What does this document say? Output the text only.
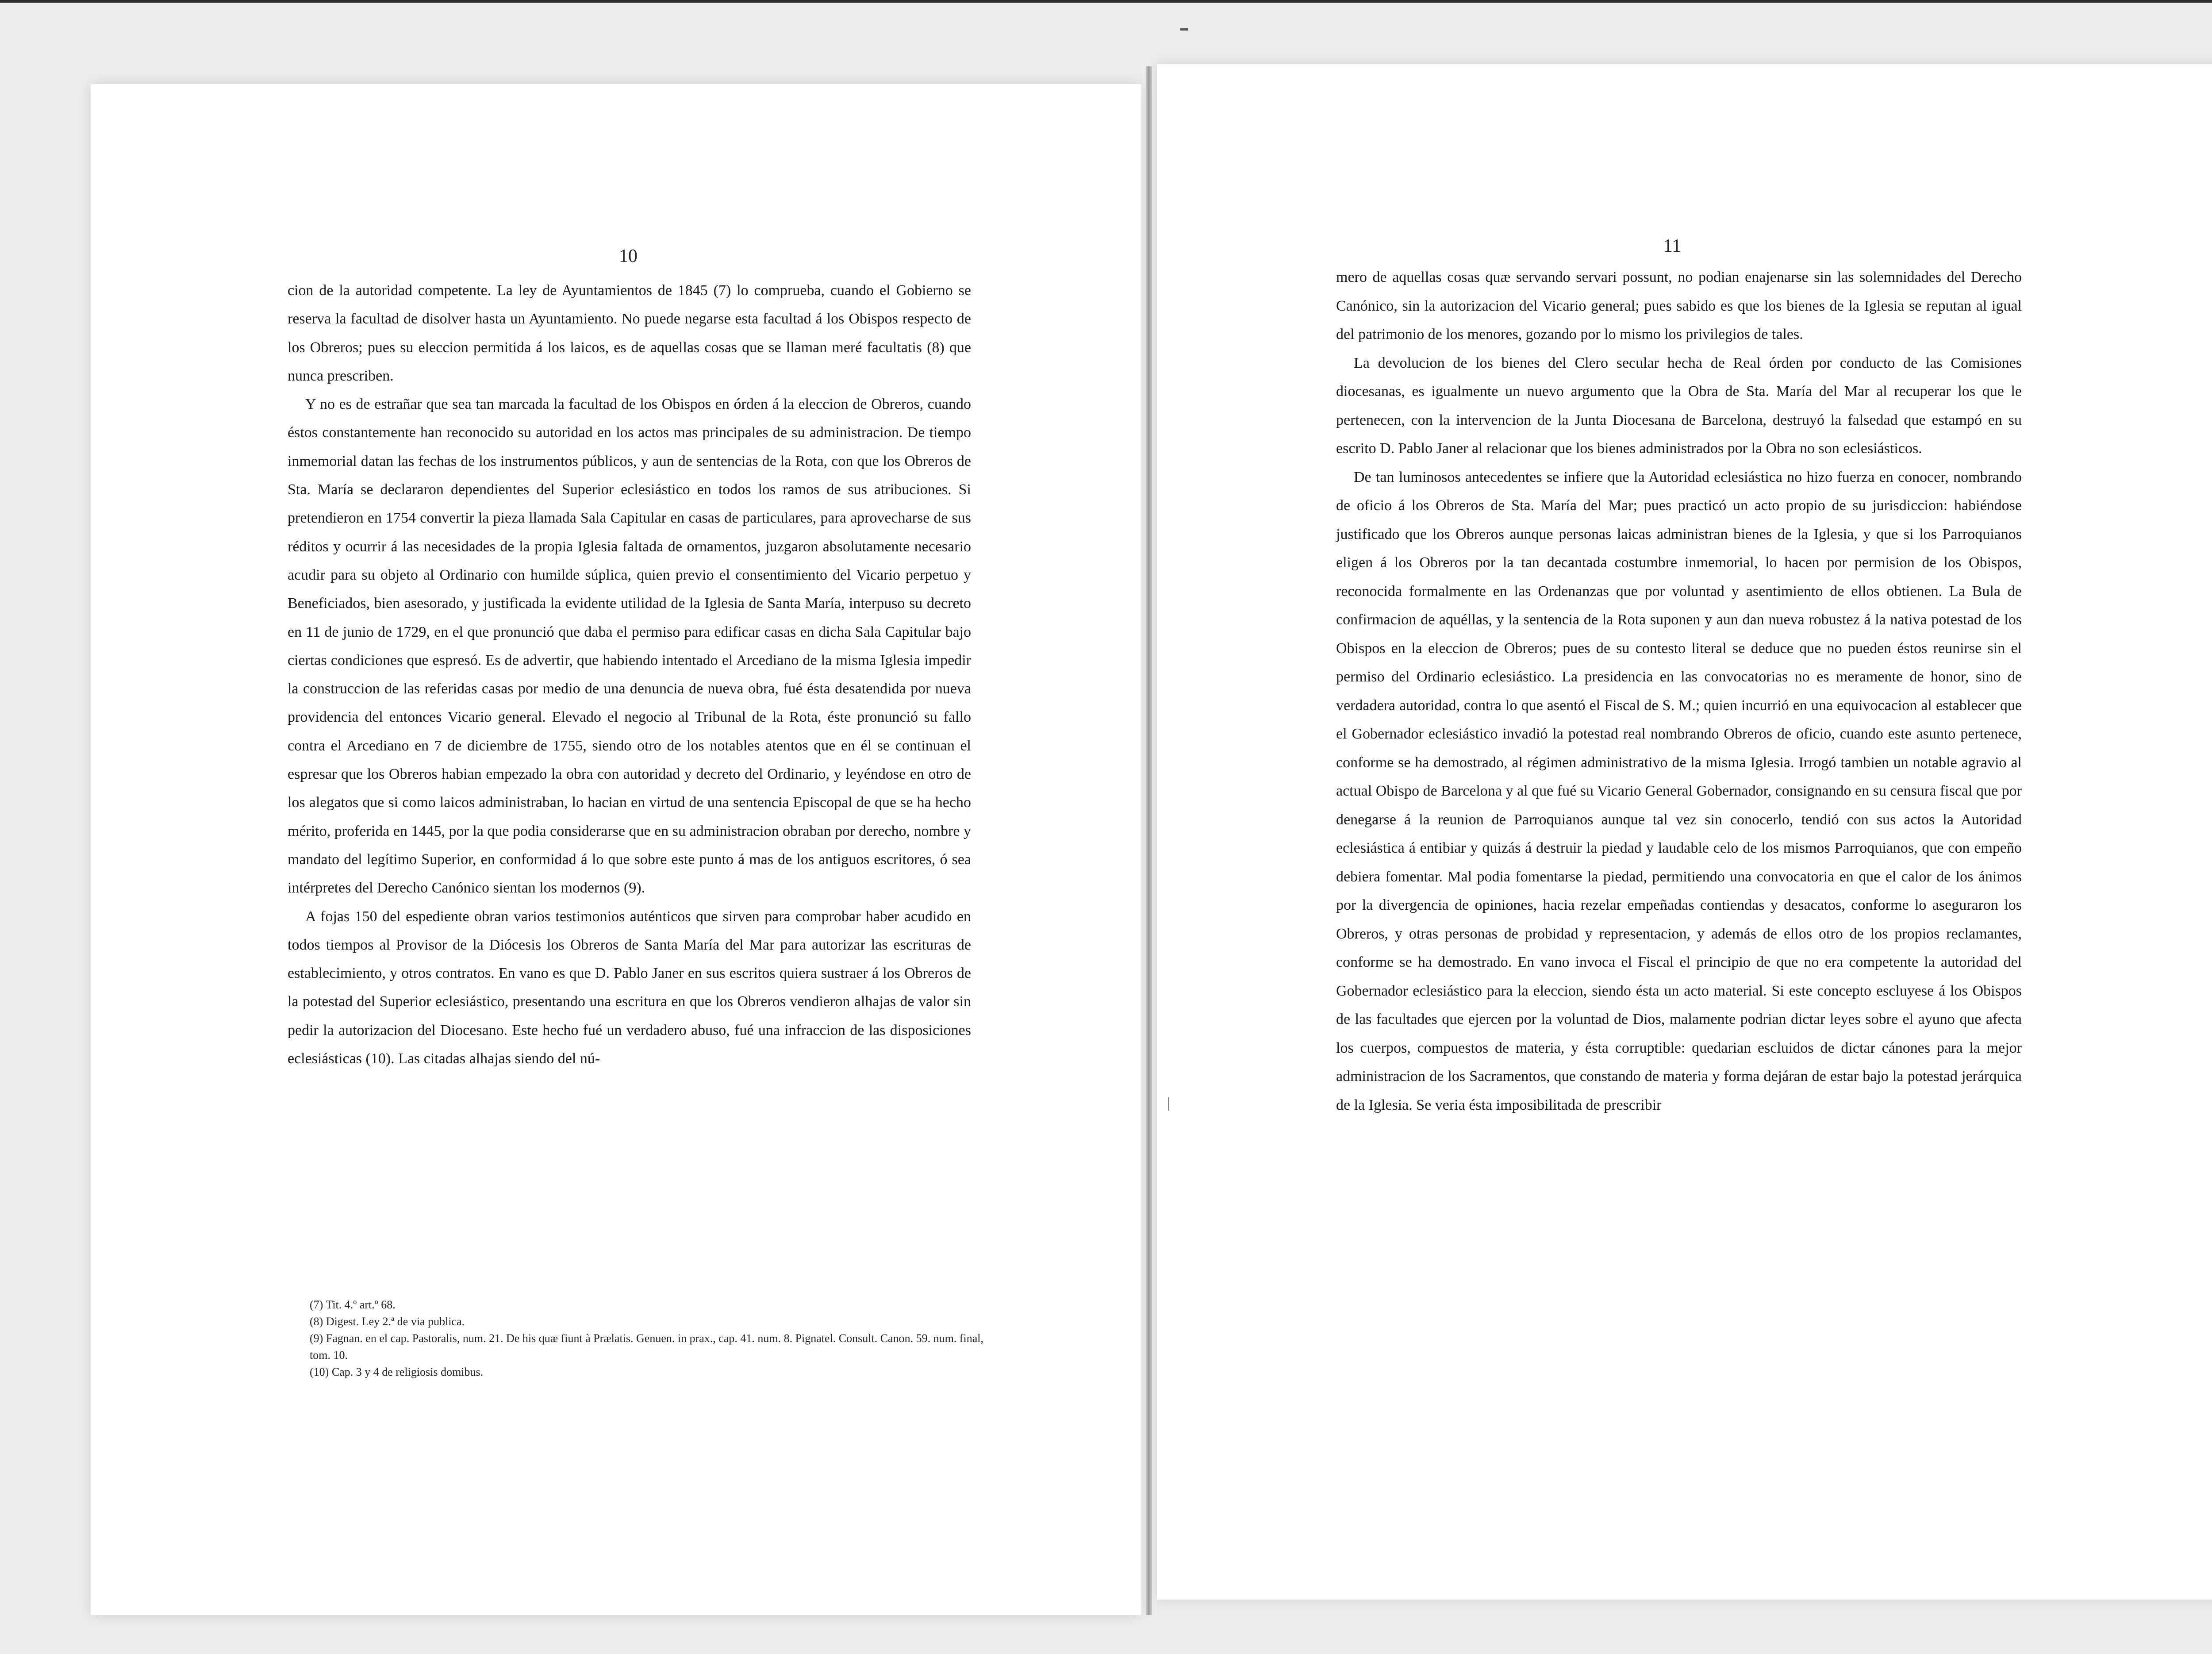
10	11

cion de la autoridad competente. La ley de Ayuntamientos de 1845 (7) lo comprueba, cuando el Gobierno se reserva la facultad de disolver hasta un Ayuntamiento. No puede negarse esta facultad á los Obispos respecto de los Obreros; pues su eleccion permitida á los laicos, es de aquellas cosas que se llaman meré facultatis (8) que nunca prescriben.

Y no es de estrañar que sea tan marcada la facultad de los Obispos en órden á la eleccion de Obreros, cuando éstos constantemente han reconocido su autoridad en los actos mas principales de su administracion. De tiempo inmemorial datan las fechas de los instrumentos públicos, y aun de sentencias de la Rota, con que los Obreros de Sta. María se declararon dependientes del Superior eclesiástico en todos los ramos de sus atribuciones. Si pretendieron en 1754 convertir la pieza llamada Sala Capitular en casas de particulares, para aprovecharse de sus réditos y ocurrir á las necesidades de la propia Iglesia faltada de ornamentos, juzgaron absolutamente necesario acudir para su objeto al Ordinario con humilde súplica, quien previo el consentimiento del Vicario perpetuo y Beneficiados, bien asesorado, y justificada la evidente utilidad de la Iglesia de Santa María, interpuso su decreto en 11 de junio de 1729, en el que pronunció que daba el permiso para edificar casas en dicha Sala Capitular bajo ciertas condiciones que espresó. Es de advertir, que habiendo intentado el Arcediano de la misma Iglesia impedir la construccion de las referidas casas por medio de una denuncia de nueva obra, fué ésta desatendida por nueva providencia del entonces Vicario general. Elevado el negocio al Tribunal de la Rota, éste pronunció su fallo contra el Arcediano en 7 de diciembre de 1755, siendo otro de los notables atentos que en él se continuan el espresar que los Obreros habian empezado la obra con autoridad y decreto del Ordinario, y leyéndose en otro de los alegatos que si como laicos administraban, lo hacian en virtud de una sentencia Episcopal de que se ha hecho mérito, proferida en 1445, por la que podia considerarse que en su administracion obraban por derecho, nombre y mandato del legítimo Superior, en conformidad á lo que sobre este punto á mas de los antiguos escritores, ó sea intérpretes del Derecho Canónico sientan los modernos (9).

A fojas 150 del espediente obran varios testimonios auténticos que sirven para comprobar haber acudido en todos tiempos al Provisor de la Diócesis los Obreros de Santa María del Mar para autorizar las escrituras de establecimiento, y otros contratos. En vano es que D. Pablo Janer en sus escritos quiera sustraer á los Obreros de la potestad del Superior eclesiástico, presentando una escritura en que los Obreros vendieron alhajas de valor sin pedir la autorizacion del Diocesano. Este hecho fué un verdadero abuso, fué una infraccion de las disposiciones eclesiásticas (10). Las citadas alhajas siendo del nú-

(7) Tit. 4.º art.º 68.
(8) Digest. Ley 2.ª de via publica.
(9) Fagnan. en el cap. Pastoralis, num. 21. De his quæ fiunt à Prælatis. Genuen. in prax., cap. 41. num. 8. Pignatel. Consult. Canon. 59. num. final, tom. 10.
(10) Cap. 3 y 4 de religiosis domibus.

mero de aquellas cosas quæ servando servari possunt, no podian enajenarse sin las solemnidades del Derecho Canónico, sin la autorizacion del Vicario general; pues sabido es que los bienes de la Iglesia se reputan al igual del patrimonio de los menores, gozando por lo mismo los privilegios de tales.

La devolucion de los bienes del Clero secular hecha de Real órden por conducto de las Comisiones diocesanas, es igualmente un nuevo argumento que la Obra de Sta. María del Mar al recuperar los que le pertenecen, con la intervencion de la Junta Diocesana de Barcelona, destruyó la falsedad que estampó en su escrito D. Pablo Janer al relacionar que los bienes administrados por la Obra no son eclesiásticos.

De tan luminosos antecedentes se infiere que la Autoridad eclesiástica no hizo fuerza en conocer, nombrando de oficio á los Obreros de Sta. María del Mar; pues practicó un acto propio de su jurisdiccion: habiéndose justificado que los Obreros aunque personas laicas administran bienes de la Iglesia, y que si los Parroquianos eligen á los Obreros por la tan decantada costumbre inmemorial, lo hacen por permision de los Obispos, reconocida formalmente en las Ordenanzas que por voluntad y asentimiento de ellos obtienen. La Bula de confirmacion de aquéllas, y la sentencia de la Rota suponen y aun dan nueva robustez á la nativa potestad de los Obispos en la eleccion de Obreros; pues de su contesto literal se deduce que no pueden éstos reunirse sin el permiso del Ordinario eclesiástico. La presidencia en las convocatorias no es meramente de honor, sino de verdadera autoridad, contra lo que asentó el Fiscal de S. M.; quien incurrió en una equivocacion al establecer que el Gobernador eclesiástico invadió la potestad real nombrando Obreros de oficio, cuando este asunto pertenece, conforme se ha demostrado, al régimen administrativo de la misma Iglesia. Irrogó tambien un notable agravio al actual Obispo de Barcelona y al que fué su Vicario General Gobernador, consignando en su censura fiscal que por denegarse á la reunion de Parroquianos aunque tal vez sin conocerlo, tendió con sus actos la Autoridad eclesiástica á entibiar y quizás á destruir la piedad y laudable celo de los mismos Parroquianos, que con empeño debiera fomentar. Mal podia fomentarse la piedad, permitiendo una convocatoria en que el calor de los ánimos por la divergencia de opiniones, hacia rezelar empeñadas contiendas y desacatos, conforme lo aseguraron los Obreros, y otras personas de probidad y representacion, y además de ellos otro de los propios reclamantes, conforme se ha demostrado. En vano invoca el Fiscal el principio de que no era competente la autoridad del Gobernador eclesiástico para la eleccion, siendo ésta un acto material. Si este concepto escluyese á los Obispos de las facultades que ejercen por la voluntad de Dios, malamente podrian dictar leyes sobre el ayuno que afecta los cuerpos, compuestos de materia, y ésta corruptible: quedarian escluidos de dictar cánones para la mejor administracion de los Sacramentos, que constando de materia y forma dejáran de estar bajo la potestad jerárquica de la Iglesia. Se veria ésta imposibilitada de prescribir
